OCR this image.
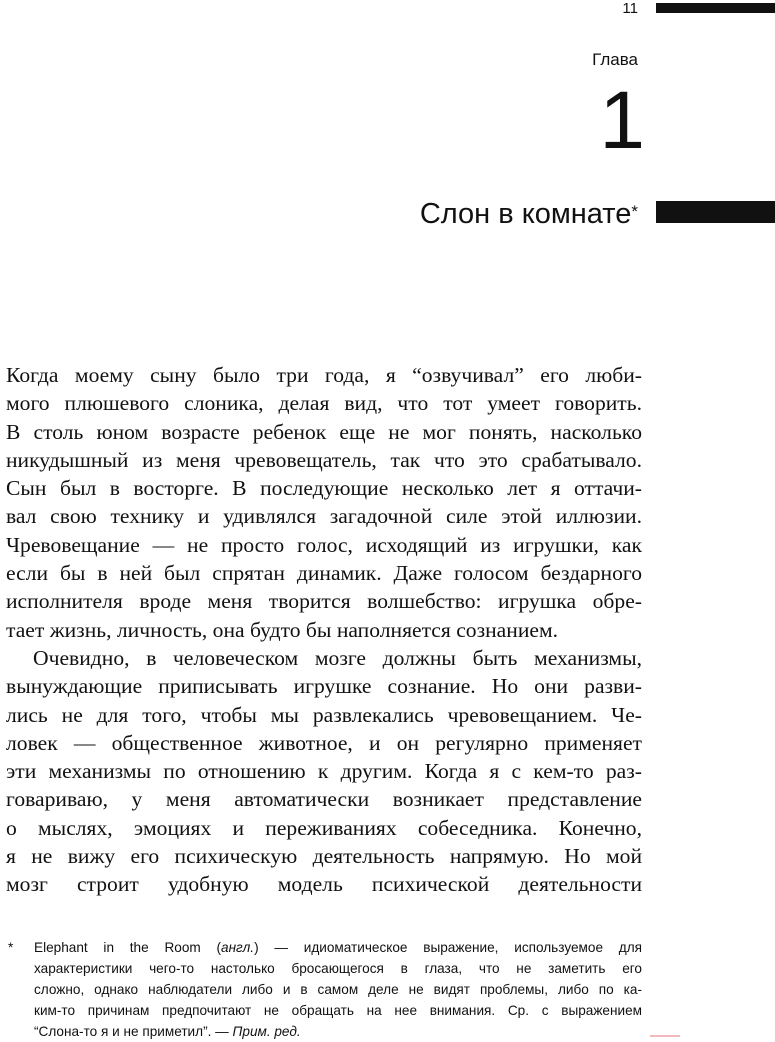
11
Глава
1
Слон в комнате*
Когда моему сыну было три года, я “озвучивал” его люби-
мого плюшевого слоника, делая вид, что тот умеет говорить.
В столь юном возрасте ребенок еще не мог понять, насколько
никудышный из меня чревовещатель, так что это срабатывало.
Сын был в восторге. В последующие несколько лет я оттачи-
вал свою технику и удивлялся загадочной силе этой иллюзии.
Чревовещание — не просто голос, исходящий из игрушки, как
если бы в ней был спрятан динамик. Даже голосом бездарного
исполнителя вроде меня творится волшебство: игрушка обре-
тает жизнь, личность, она будто бы наполняется сознанием.
Очевидно, в человеческом мозге должны быть механизмы,
вынуждающие приписывать игрушке сознание. Но они разви-
лись не для того, чтобы мы развлекались чревовещанием. Че-
ловек — общественное животное, и он регулярно применяет
эти механизмы по отношению к другим. Когда я с кем-то раз-
говариваю, у меня автоматически возникает представление
о мыслях, эмоциях и переживаниях собеседника. Конечно,
я не вижу его психическую деятельность напрямую. Но мой
мозг строит удобную модель психической деятельности
* Elephant in the Room (англ.) — идиоматическое выражение, используемое для
характеристики чего-то настолько бросающегося в глаза, что не заметить его
сложно, однако наблюдатели либо и в самом деле не видят проблемы, либо по ка-
ким-то причинам предпочитают не обращать на нее внимания. Ср. с выражением
“Слона-то я и не приметил”. — Прим. ред.
